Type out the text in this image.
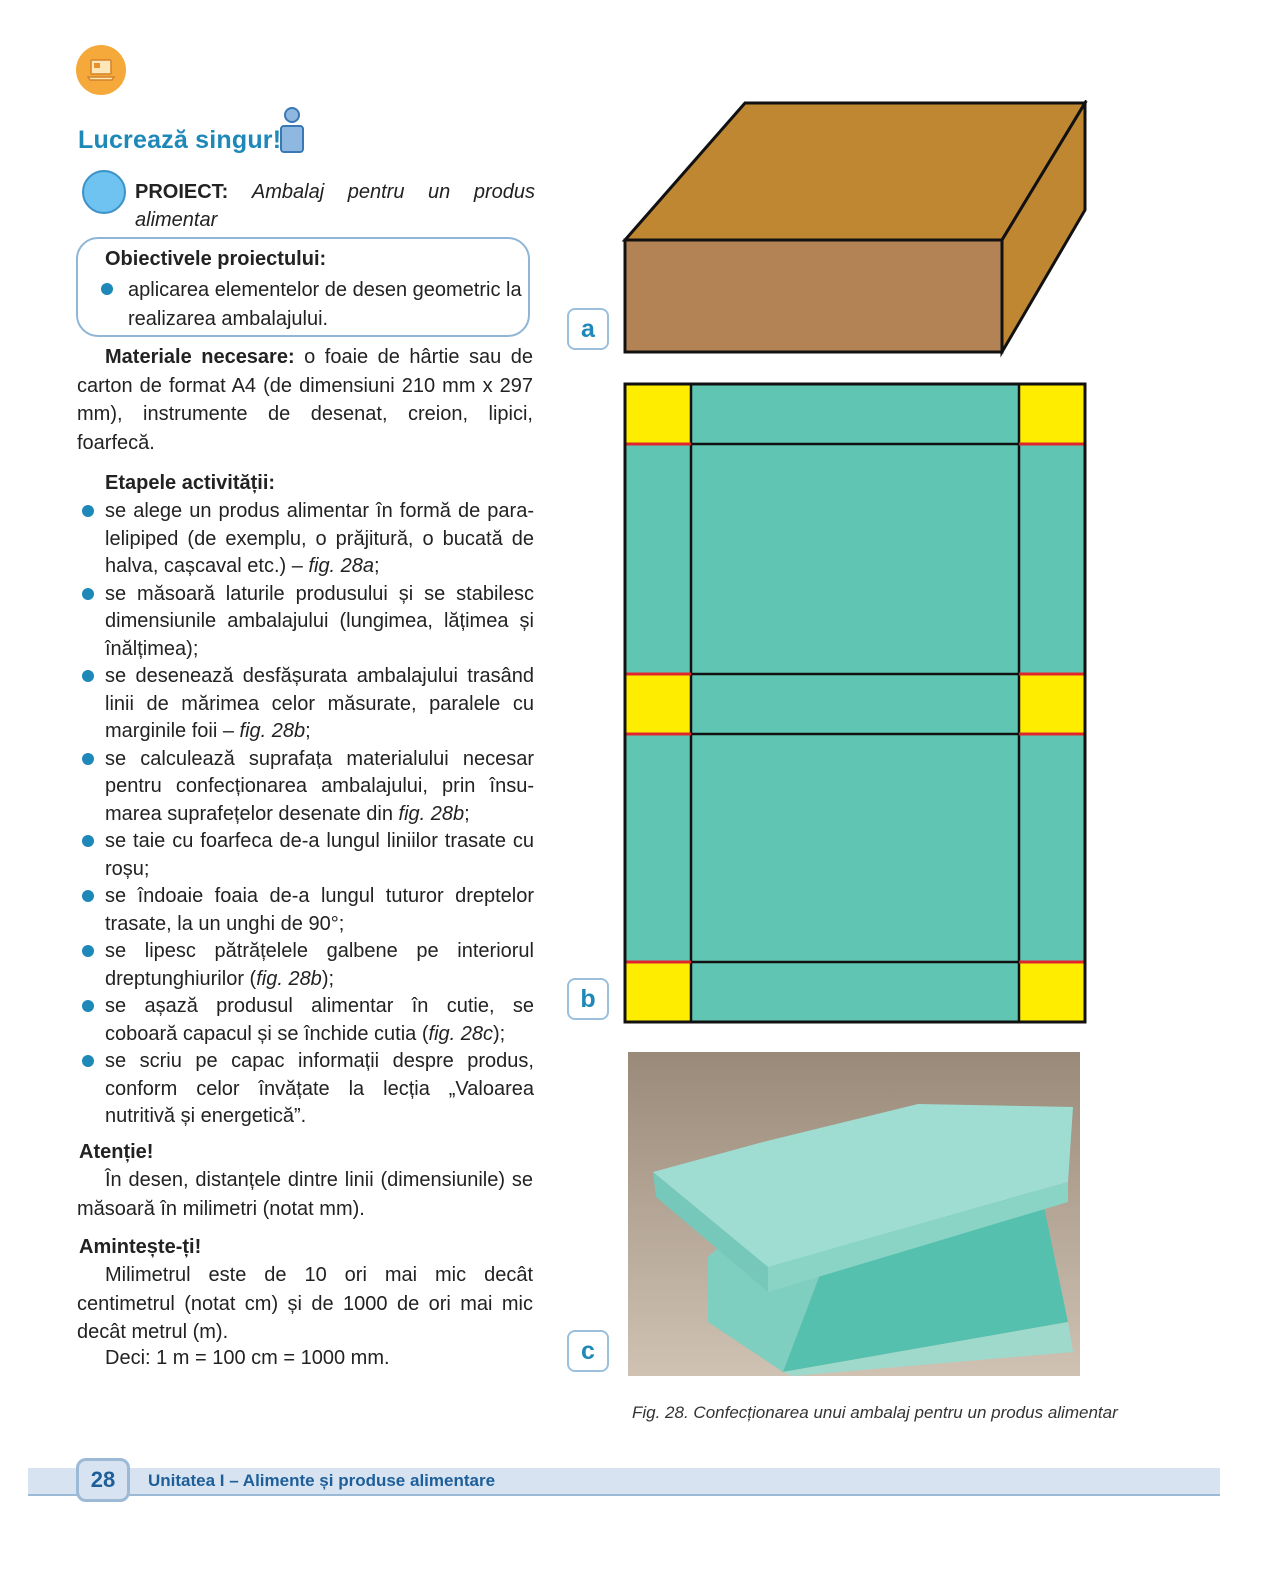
Lucrează singur!
PROIECT: Ambalaj pentru un produs alimentar
Obiectivele proiectului:
aplicarea elementelor de desen geometric la realizarea ambalajului.
Materiale necesare: o foaie de hârtie sau de carton de format A4 (de dimensiuni 210 mm x 297 mm), instrumente de desenat, creion, lipici, foarfecă.
Etapele activității:
se alege un produs alimentar în formă de para-lelipiped (de exemplu, o prăjitură, o bucată de halva, cașcaval etc.) – fig. 28a;
se măsoară laturile produsului și se stabilesc dimensiunile ambalajului (lungimea, lățimea și înălțimea);
se desenează desfășurata ambalajului trasând linii de mărimea celor măsurate, paralele cu marginile foii – fig. 28b;
se calculează suprafața materialului necesar pentru confecționarea ambalajului, prin însu-marea suprafețelor desenate din fig. 28b;
se taie cu foarfeca de-a lungul liniilor trasate cu roșu;
se îndoaie foaia de-a lungul tuturor dreptelor trasate, la un unghi de 90°;
se lipesc pătrățelele galbene pe interiorul dreptunghiurilor (fig. 28b);
se așază produsul alimentar în cutie, se coboară capacul și se închide cutia (fig. 28c);
se scriu pe capac informații despre produs, conform celor învățate la lecția „Valoarea nutritivă și energetică”.
Atenție!
În desen, distanțele dintre linii (dimensiunile) se măsoară în milimetri (notat mm).
Amintește-ți!
Milimetrul este de 10 ori mai mic decât centimetrul (notat cm) și de 1000 de ori mai mic decât metrul (m).
Deci: 1 m = 100 cm = 1000 mm.
a
b
c
Fig. 28. Confecționarea unui ambalaj pentru un produs alimentar
28	Unitatea I – Alimente și produse alimentare
